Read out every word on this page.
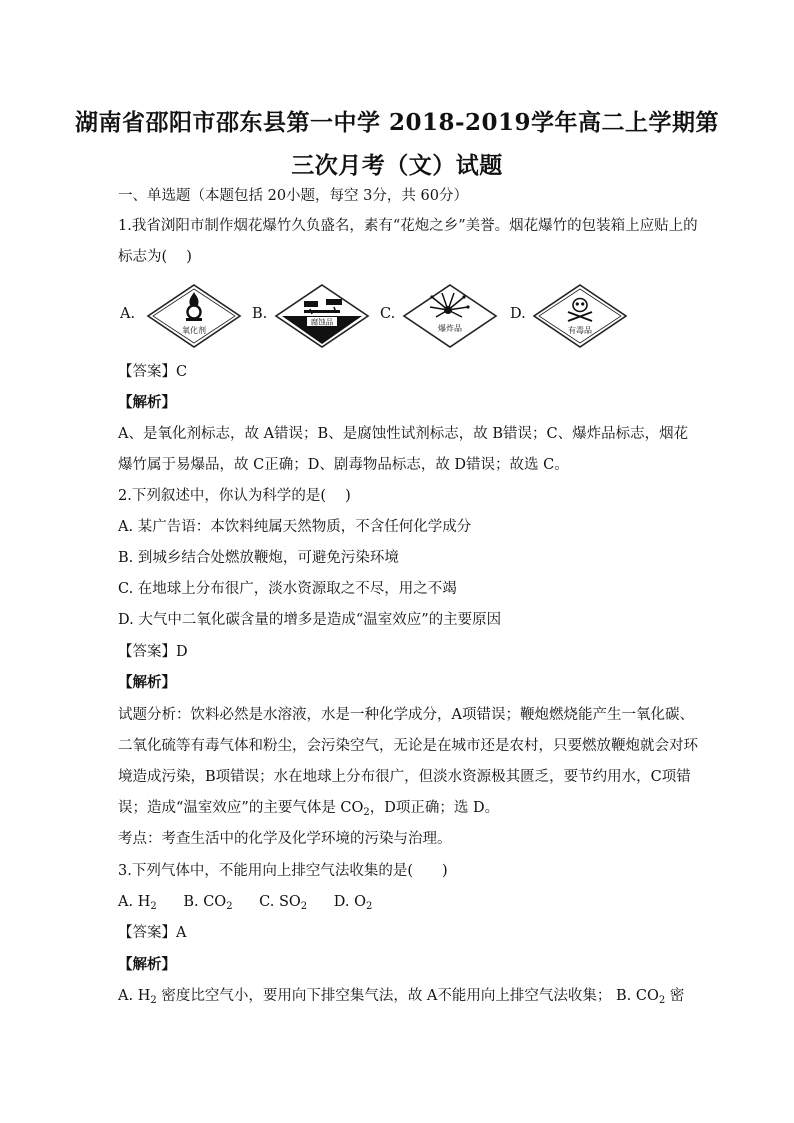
湖南省邵阳市邵东县第一中学 2018-2019学年高二上学期第
三次月考（文）试题
一、单选题（本题包括 20小题，每空 3分，共 60分）
1.我省浏阳市制作烟花爆竹久负盛名，素有“花炮之乡”美誉。烟花爆竹的包装箱上应贴上的
标志为(　 )
A.
氧化剂
B.	腐蚀品	C.
爆炸品
D.
有毒品
【答案】C
【解析】
A、是氧化剂标志，故 A错误；B、是腐蚀性试剂标志，故 B错误；C、爆炸品标志，烟花
爆竹属于易爆品，故 C正确；D、剧毒物品标志，故 D错误；故选 C。
2.下列叙述中，你认为科学的是(　 )
A. 某广告语：本饮料纯属天然物质，不含任何化学成分
B. 到城乡结合处燃放鞭炮，可避免污染环境
C. 在地球上分布很广，淡水资源取之不尽，用之不竭
D. 大气中二氧化碳含量的增多是造成“温室效应”的主要原因
【答案】D
【解析】
试题分析：饮料必然是水溶液，水是一种化学成分，A项错误；鞭炮燃烧能产生一氧化碳、
二氧化硫等有毒气体和粉尘，会污染空气，无论是在城市还是农村，只要燃放鞭炮就会对环
境造成污染，B项错误；水在地球上分布很广，但淡水资源极其匮乏，要节约用水，C项错
误；造成“温室效应”的主要气体是 $CO_2$，D项正确；选 D。
考点：考查生活中的化学及化学环境的污染与治理。
3.下列气体中，不能用向上排空气法收集的是(　　)
A. $H_2$ B. $CO_2$ C. $SO_2$ D. $O_2$
【答案】A
【解析】
A. $H_2$ 密度比空气小，要用向下排空集气法，故 A不能用向上排空气法收集； B. $CO_2$ 密
